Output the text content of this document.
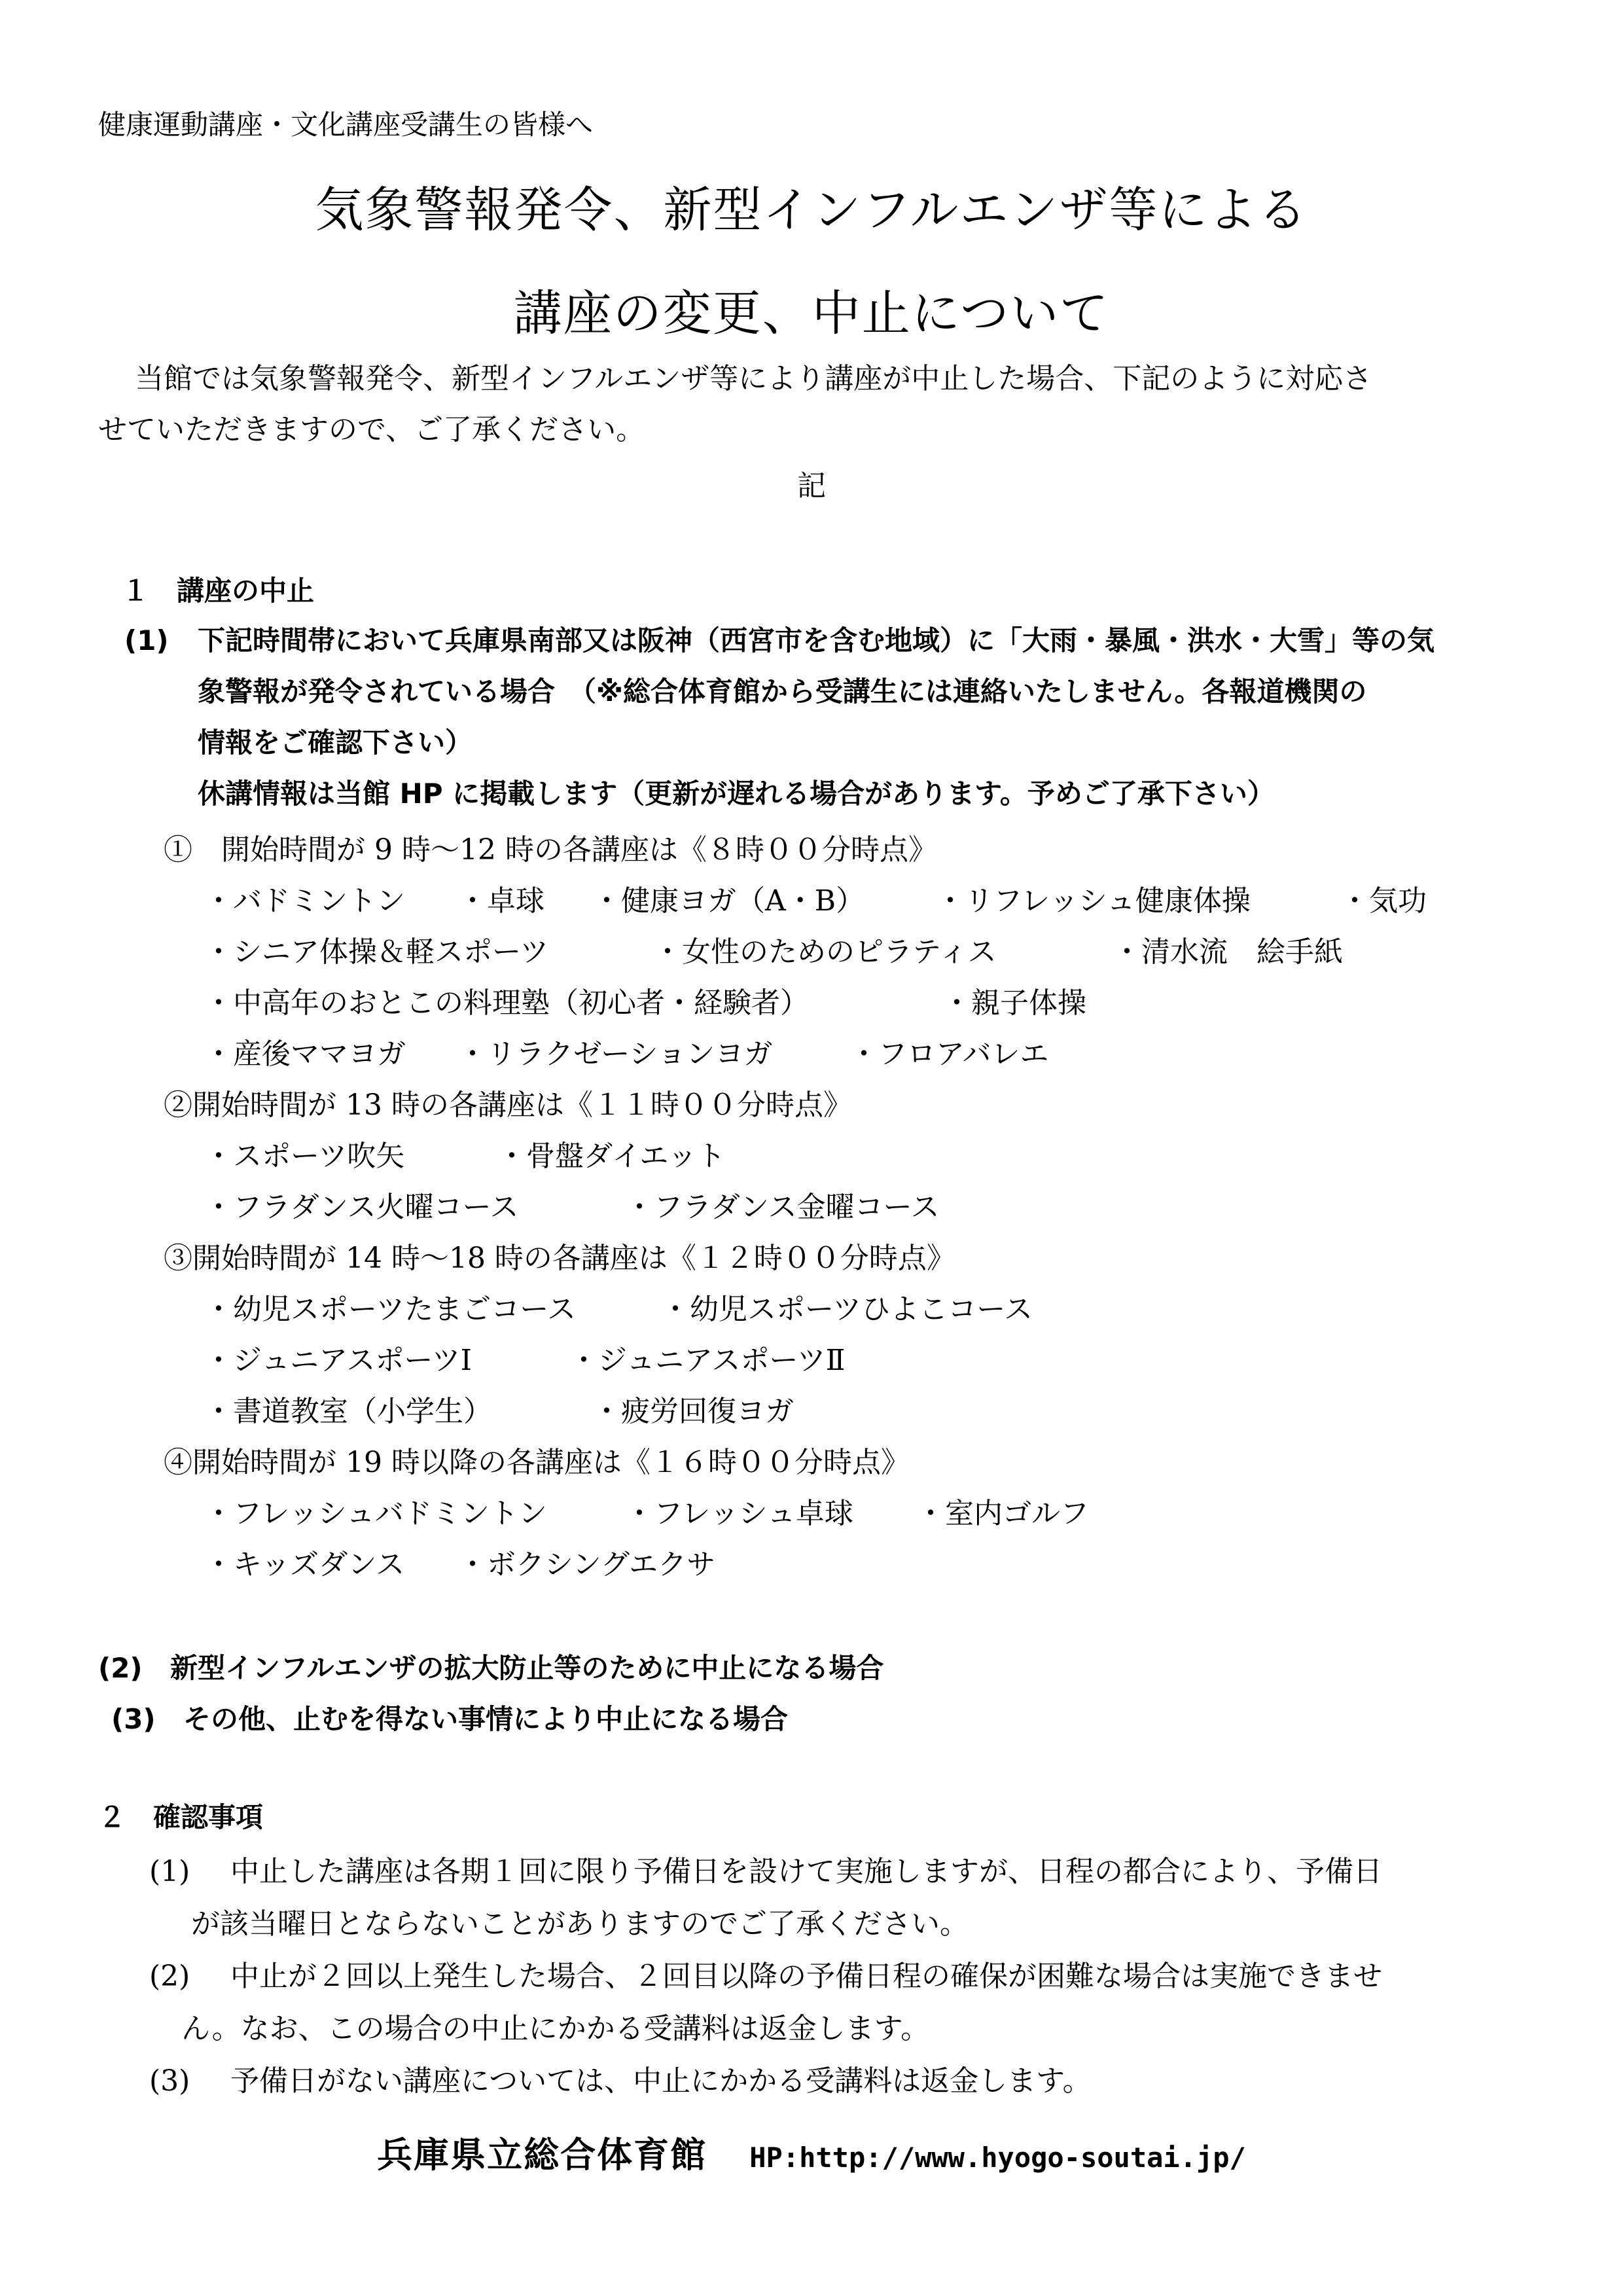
健康運動講座・文化講座受講生の皆様へ
気象警報発令、新型インフルエンザ等による
講座の変更、中止について
当館では気象警報発令、新型インフルエンザ等により講座が中止した場合、下記のように対応さ
せていただきますので、ご了承ください。
記
１　講座の中止
(1) 下記時間帯において兵庫県南部又は阪神（西宮市を含む地域）に「大雨・暴風・洪水・大雪」等の気
象警報が発令されている場合　（※総合体育館から受講生には連絡いたしません。各報道機関の
情報をご確認下さい）
休講情報は当館 HP に掲載します（更新が遅れる場合があります。予めご了承下さい）
①　開始時間が 9 時～12 時の各講座は《８時００分時点》
・バドミントン ・卓球 ・健康ヨガ（A・B） ・リフレッシュ健康体操	・気功
・シニア体操＆軽スポーツ	・女性のためのピラティス	・清水流　絵手紙
・中高年のおとこの料理塾（初心者・経験者）	・親子体操
・産後ママヨガ ・リラクゼーションヨガ	・フロアバレエ
②開始時間が 13 時の各講座は《１１時００分時点》
・スポーツ吹矢	・骨盤ダイエット
・フラダンス火曜コース	・フラダンス金曜コース
③開始時間が 14 時～18 時の各講座は《１２時００分時点》
・幼児スポーツたまごコース	・幼児スポーツひよこコース
・ジュニアスポーツⅠ	・ジュニアスポーツⅡ
・書道教室（小学生）	・疲労回復ヨガ
④開始時間が 19 時以降の各講座は《１６時００分時点》
・フレッシュバドミントン	・フレッシュ卓球 ・室内ゴルフ
・キッズダンス ・ボクシングエクサ
(2) 新型インフルエンザの拡大防止等のために中止になる場合
(3) その他、止むを得ない事情により中止になる場合
２　確認事項
(1) 中止した講座は各期１回に限り予備日を設けて実施しますが、日程の都合により、予備日
が該当曜日とならないことがありますのでご了承ください。
(2) 中止が２回以上発生した場合、２回目以降の予備日程の確保が困難な場合は実施できませ
ん。なお、この場合の中止にかかる受講料は返金します。
(3) 予備日がない講座については、中止にかかる受講料は返金します。
兵庫県立総合体育館 HP:http://www.hyogo-soutai.jp/
